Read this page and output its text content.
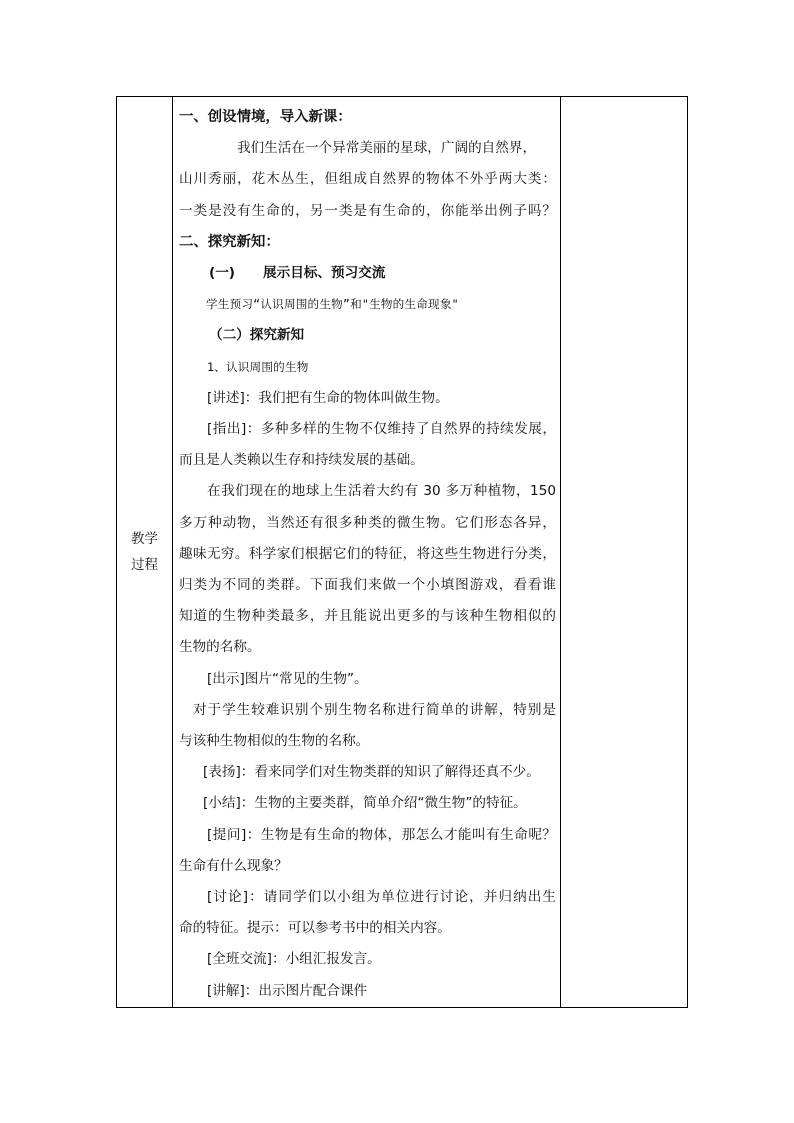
教学过程	
一、创设情境，导入新课：
我们生活在一个异常美丽的星球，广阔的自然界，
山川秀丽，花木丛生，但组成自然界的物体不外乎两大类：
一类是没有生命的，另一类是有生命的，你能举出例子吗？
二、探究新知：
(一) 展示目标、预习交流
学生预习“认识周围的生物”和"生物的生命现象"
（二）探究新知
1、认识周围的生物
[讲述]：我们把有生命的物体叫做生物。
[指出]：多种多样的生物不仅维持了自然界的持续发展，
而且是人类赖以生存和持续发展的基础。
在我们现在的地球上生活着大约有 30 多万种植物，150
多万种动物，当然还有很多种类的微生物。它们形态各异，
趣味无穷。科学家们根据它们的特征，将这些生物进行分类，
归类为不同的类群。下面我们来做一个小填图游戏，看看谁
知道的生物种类最多，并且能说出更多的与该种生物相似的
生物的名称。
[出示]图片“常见的生物”。
对于学生较难识别个别生物名称进行简单的讲解，特别是
与该种生物相似的生物的名称。
[表扬]：看来同学们对生物类群的知识了解得还真不少。
[小结]：生物的主要类群，简单介绍“微生物”的特征。
[提问]：生物是有生命的物体，那怎么才能叫有生命呢？
生命有什么现象？
[讨论]：请同学们以小组为单位进行讨论，并归纳出生
命的特征。提示：可以参考书中的相关内容。
[全班交流]：小组汇报发言。
[讲解]：出示图片配合课件
